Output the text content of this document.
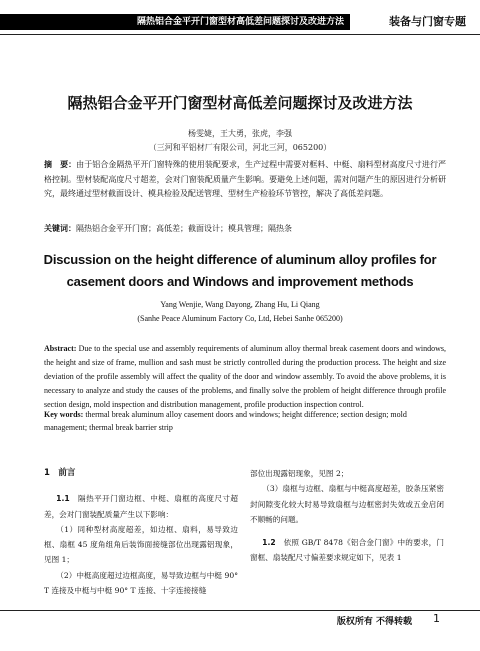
隔热铝合金平开门窗型材高低差问题探讨及改进方法	装备与门窗专题
隔热铝合金平开门窗型材高低差问题探讨及改进方法
杨雯婕，王大勇，张虎，李强
（三河和平铝材厂有限公司，河北三河，065200）
摘　要：由于铝合金隔热平开门窗特殊的使用装配要求，生产过程中需要对框料、中梃、扇料型材高度尺寸进行严格控制。型材装配高度尺寸超差，会对门窗装配质量产生影响。要避免上述问题，需对问题产生的原因进行分析研究，最终通过型材截面设计、模具检验及配送管理、型材生产检验环节管控，解决了高低差问题。
关键词：隔热铝合金平开门窗；高低差；截面设计；模具管理；隔热条
Discussion on the height difference of aluminum alloy profiles for casement doors and Windows and improvement methods
Yang Wenjie, Wang Dayong, Zhang Hu, Li Qiang
(Sanhe Peace Aluminum Factory Co, Ltd, Hebei Sanhe 065200)
Abstract: Due to the special use and assembly requirements of aluminum alloy thermal break casement doors and windows, the height and size of frame, mullion and sash must be strictly controlled during the production process. The height and size deviation of the profile assembly will affect the quality of the door and window assembly. To avoid the above problems, it is necessary to analyze and study the causes of the problems, and finally solve the problem of height difference through profile section design, mold inspection and distribution management, profile production inspection control.
Key words: thermal break aluminum alloy casement doors and windows; height difference; section design; mold management; thermal break barrier strip

1　前言

1.1　隔热平开门窗边框、中梃、扇框的高度尺寸超差，会对门窗装配质量产生以下影响：

（1）同种型材高度超差，如边框、扇料，易导致边框、扇框 45 度角组角后装饰面接缝部位出现露铝现象，见图 1；

（2）中梃高度超过边框高度，易导致边框与中梃 90° T 连接及中梃与中梃 90° T 连接、十字连接接缝

部位出现露铝现象，见图 2；

（3）扇框与边框、扇框与中梃高度超差，胶条压紧密封间隙变化较大时易导致扇框与边框密封失效或五金启闭不顺畅的问题。

1.2　依照 GB/T 8478《铝合金门窗》中的要求，门窗框、扇装配尺寸偏差要求规定如下，见表 1

版权所有 不得转载 1
